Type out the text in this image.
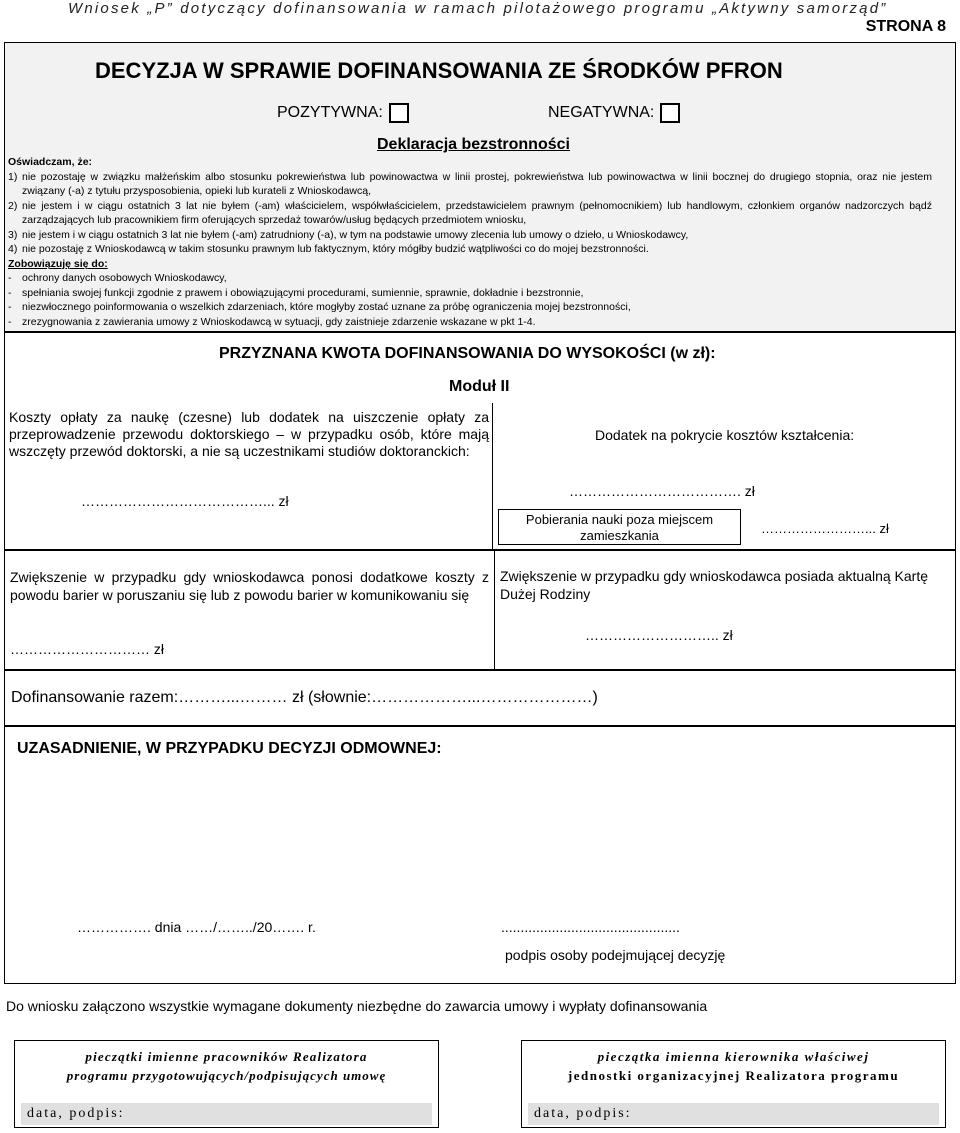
Wniosek „P” dotyczący dofinansowania w ramach pilotażowego programu „Aktywny samorząd”
STRONA 8
DECYZJA W SPRAWIE DOFINANSOWANIA ZE ŚRODKÓW PFRON
POZYTYWNA:	NEGATYWNA:
Deklaracja bezstronności
Oświadczam, że:
1) nie pozostaję w związku małżeńskim albo stosunku pokrewieństwa lub powinowactwa w linii prostej, pokrewieństwa lub powinowactwa w linii bocznej do drugiego stopnia, oraz nie jestem związany (-a) z tytułu przysposobienia, opieki lub kurateli z Wnioskodawcą,
2) nie jestem i w ciągu ostatnich 3 lat nie byłem (-am) właścicielem, współwłaścicielem, przedstawicielem prawnym (pełnomocnikiem) lub handlowym, członkiem organów nadzorczych bądź zarządzających lub pracownikiem firm oferujących sprzedaż towarów/usług będących przedmiotem wniosku,
3) nie jestem i w ciągu ostatnich 3 lat nie byłem (-am) zatrudniony (-a), w tym na podstawie umowy zlecenia lub umowy o dzieło, u Wnioskodawcy,
4) nie pozostaję z Wnioskodawcą w takim stosunku prawnym lub faktycznym, który mógłby budzić wątpliwości co do mojej bezstronności.
Zobowiązuję się do:
- ochrony danych osobowych Wnioskodawcy,
- spełniania swojej funkcji zgodnie z prawem i obowiązującymi procedurami, sumiennie, sprawnie, dokładnie i bezstronnie,
- niezwłocznego poinformowania o wszelkich zdarzeniach, które mogłyby zostać uznane za próbę ograniczenia mojej bezstronności,
- zrezygnowania z zawierania umowy z Wnioskodawcą w sytuacji, gdy zaistnieje zdarzenie wskazane w pkt 1-4.
PRZYZNANA KWOTA DOFINANSOWANIA DO WYSOKOŚCI (w zł):
Moduł II
Koszty opłaty za naukę (czesne) lub dodatek na uiszczenie opłaty za przeprowadzenie przewodu doktorskiego – w przypadku osób, które mają wszczęty przewód doktorski, a nie są uczestnikami studiów doktoranckich:
…………………………………... zł
Dodatek na pokrycie kosztów kształcenia:
………………………………. zł
Pobierania nauki poza miejscem zamieszkania	……………………... zł
Zwiększenie w przypadku gdy wnioskodawca ponosi dodatkowe koszty z powodu barier w poruszaniu się lub z powodu barier w komunikowaniu się
………………………… zł
Zwiększenie w przypadku gdy wnioskodawca posiada aktualną Kartę Dużej Rodziny
……………………….. zł
Dofinansowanie razem:………...……… zł (słownie:………………...…………………)
UZASADNIENIE, W PRZYPADKU DECYZJI ODMOWNEJ:
……………. dnia ……/……../20……. r.	..............................................
podpis osoby podejmującej decyzję
Do wniosku załączono wszystkie wymagane dokumenty niezbędne do zawarcia umowy i wypłaty dofinansowania
pieczątki imienne pracowników Realizatora
programu przygotowujących/podpisujących umowę
data, podpis:
pieczątka imienna kierownika właściwej
jednostki organizacyjnej Realizatora programu
data, podpis:
